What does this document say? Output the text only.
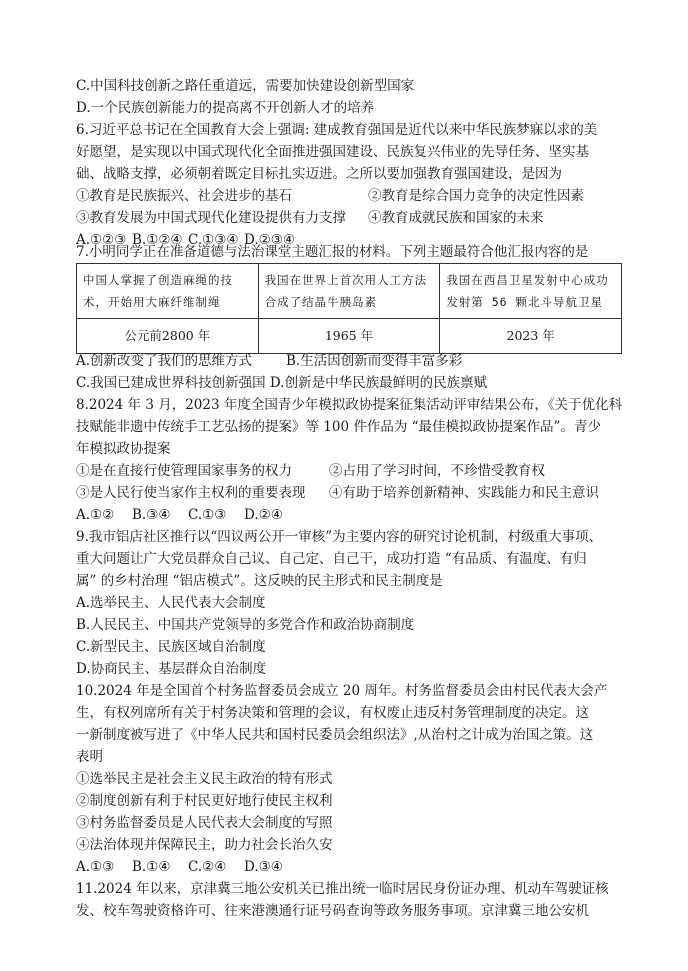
C.中国科技创新之路任重道远，需要加快建设创新型国家
D.一个民族创新能力的提高离不开创新人才的培养
6.习近平总书记在全国教育大会上强调: 建成教育强国是近代以来中华民族梦寐以求的美
好愿望，是实现以中国式现代化全面推进强国建设、民族复兴伟业的先导任务、坚实基
础、战略支撑，必须朝着既定目标扎实迈进。之所以要加强教育强国建设，是因为
①教育是民族振兴、社会进步的基石	②教育是综合国力竞争的决定性因素
③教育发展为中国式现代化建设提供有力支撑 ④教育成就民族和国家的未来
A.①②③ B.①②④ C.①③④ D.②③④
7.小明同学正在准备道德与法治课堂主题汇报的材料。下列主题最符合他汇报内容的是
中国人掌握了创造麻绳的技术，开始用大麻纤维制绳	我国在世界上首次用人工方法合成了结晶牛胰岛素	我国在西昌卫星发射中心成功发射第 56 颗北斗导航卫星

公元前2800 年	1965 年	2023 年
A.创新改变了我们的思维方式	B.生活因创新而变得丰富多彩
C.我国已建成世界科技创新强国 D.创新是中华民族最鲜明的民族禀赋
8.2024 年 3 月，2023 年度全国青少年模拟政协提案征集活动评审结果公布，《关于优化科
技赋能非遗中传统手工艺弘扬的提案》等 100 件作品为 “最佳模拟政协提案作品”。青少
年模拟政协提案
①是在直接行使管理国家事务的权力	②占用了学习时间，不珍惜受教育权
③是人民行使当家作主权利的重要表现 ④有助于培养创新精神、实践能力和民主意识
A.①② B.③④ C.①③ D.②④
9.我市铝店社区推行以“四议两公开一审核”为主要内容的研究讨论机制，村级重大事项、
重大问题让广大党员群众自己议、自己定、自己干，成功打造 “有品质、有温度、有归
属” 的乡村治理 “铝店模式”。这反映的民主形式和民主制度是
A.选举民主、人民代表大会制度
B.人民民主、中国共产党领导的多党合作和政治协商制度
C.新型民主、民族区域自治制度
D.协商民主、基层群众自治制度
10.2024 年是全国首个村务监督委员会成立 20 周年。村务监督委员会由村民代表大会产
生，有权列席所有关于村务决策和管理的会议，有权废止违反村务管理制度的决定。这
一新制度被写进了《中华人民共和国村民委员会组织法》,从治村之计成为治国之策。这
表明
①选举民主是社会主义民主政治的特有形式
②制度创新有利于村民更好地行使民主权利
③村务监督委员是人民代表大会制度的写照
④法治体现并保障民主，助力社会长治久安
A.①③ B.①④ C.②④ D.③④
11.2024 年以来，京津冀三地公安机关已推出统一临时居民身份证办理、机动车驾驶证核
发、校车驾驶资格许可、往来港澳通行证号码查询等政务服务事项。京津冀三地公安机
